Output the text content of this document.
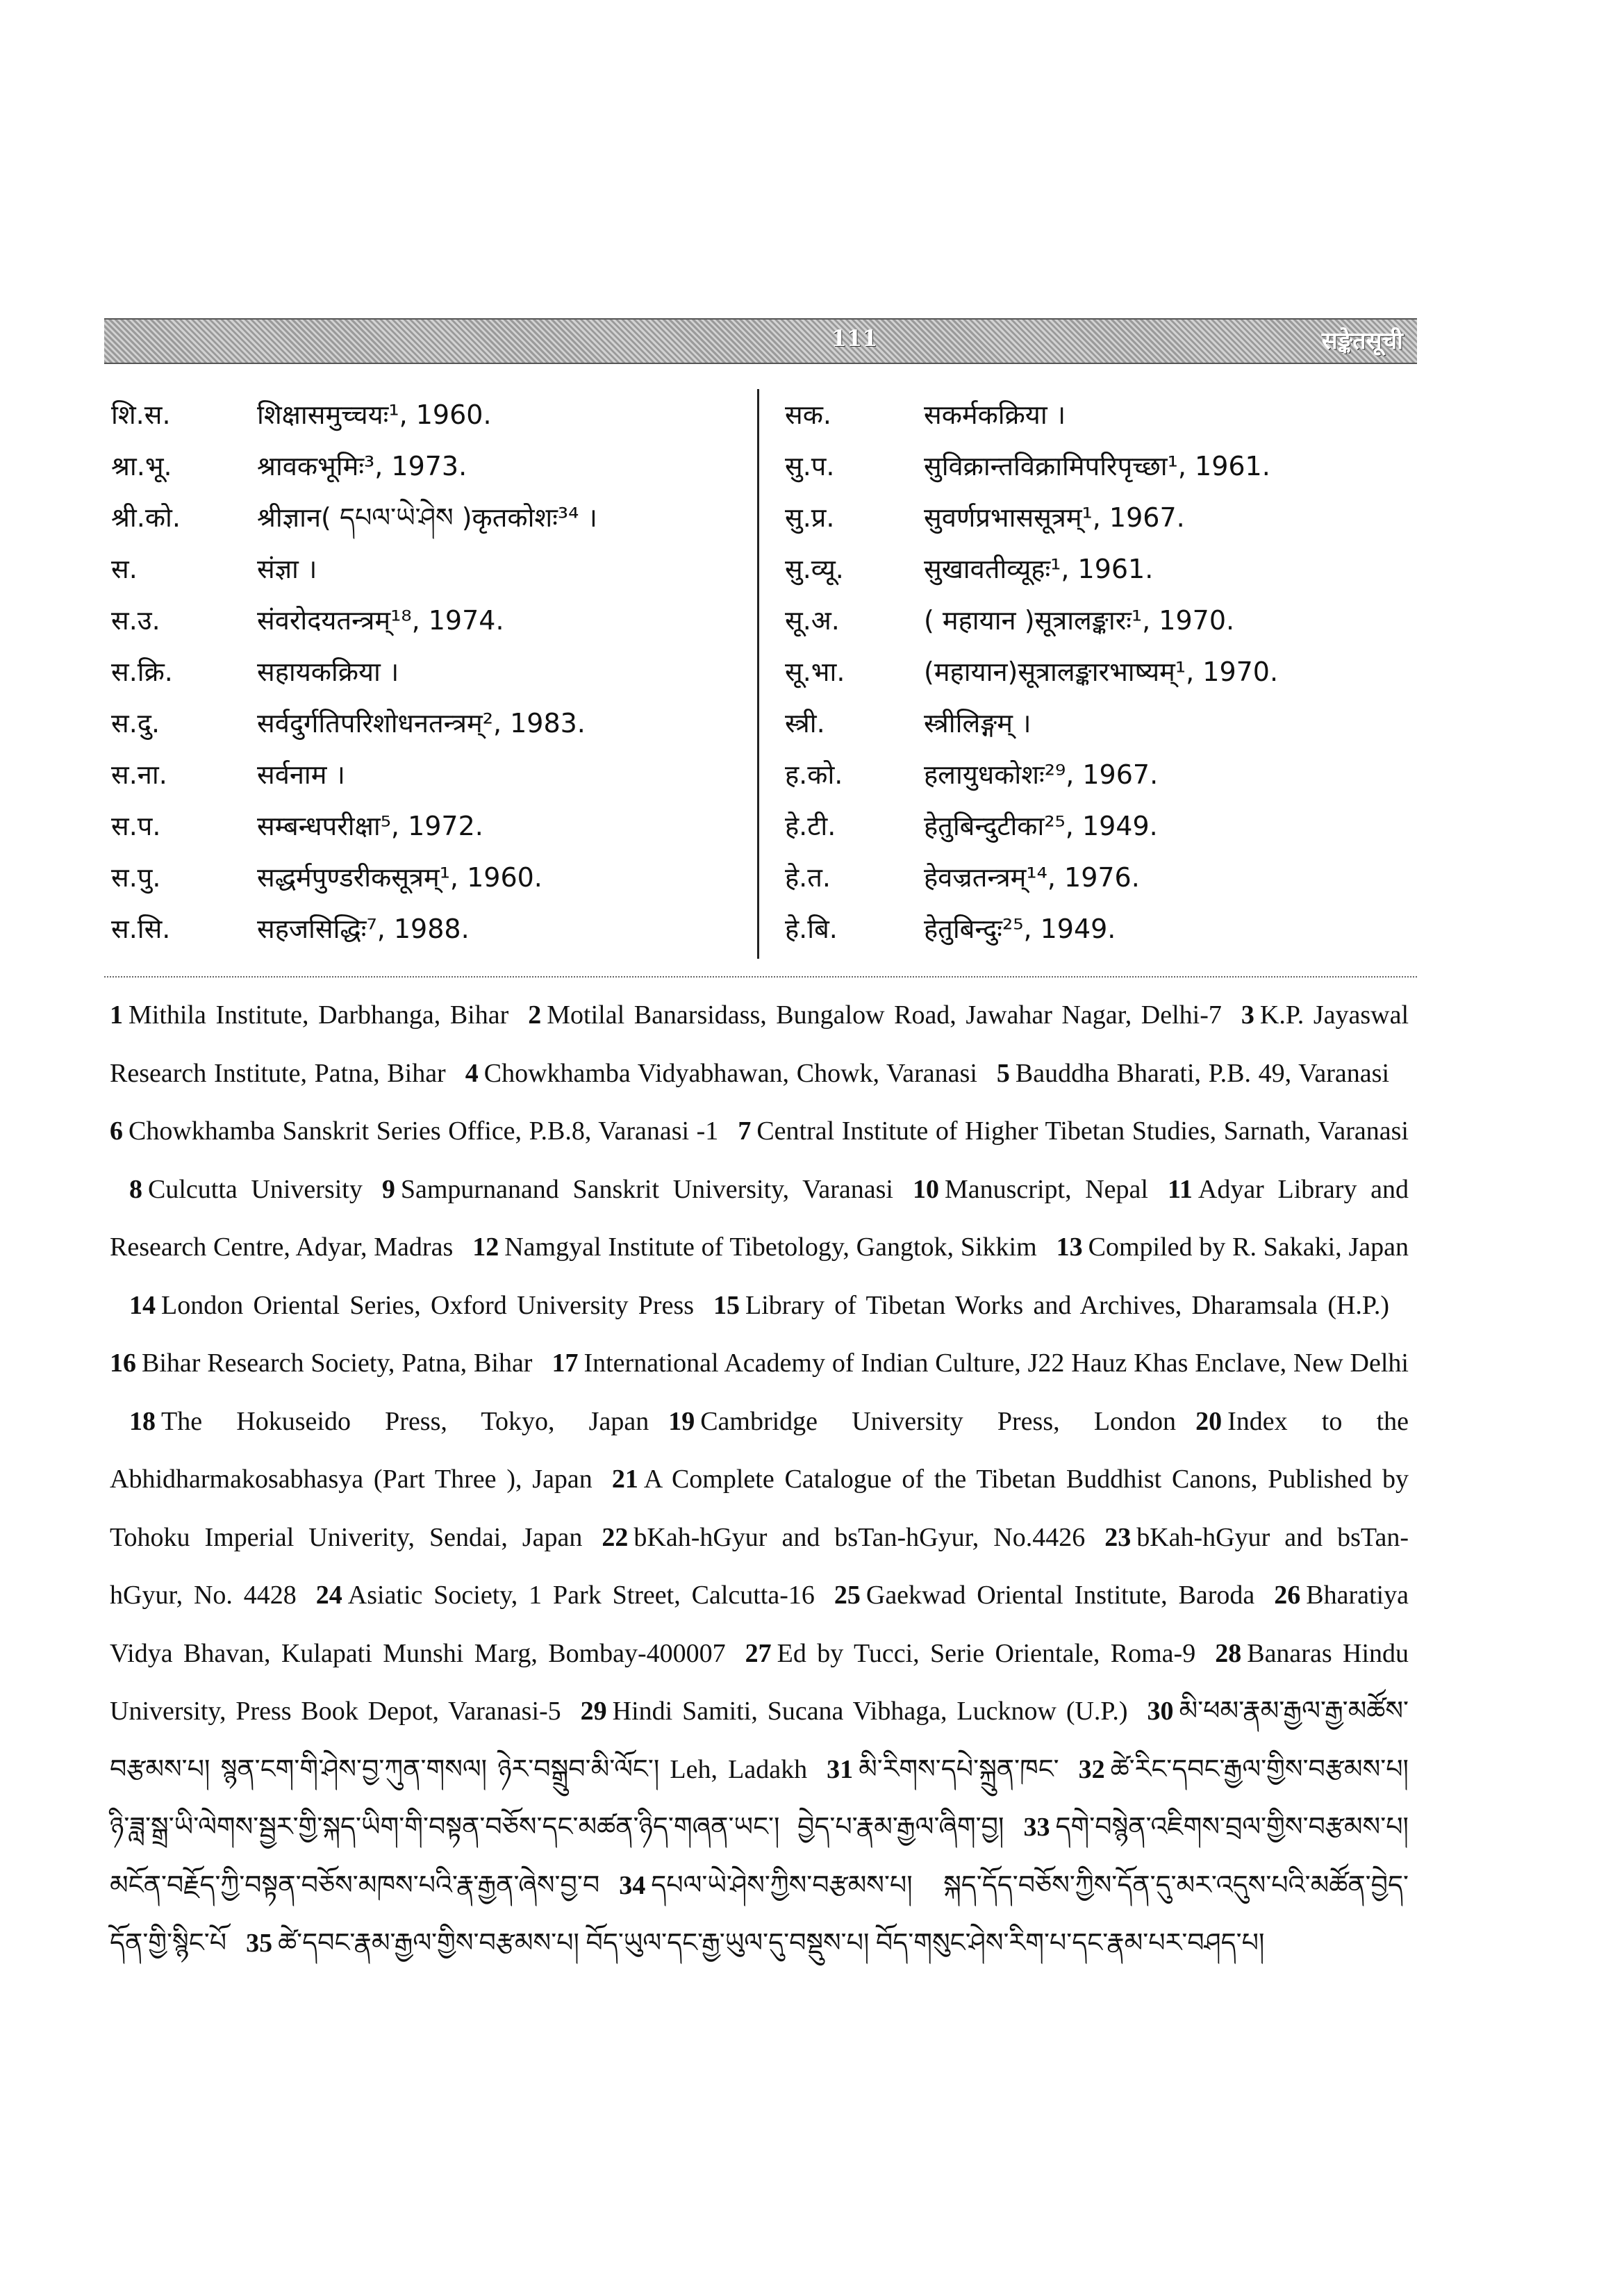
111	सङ्केतसूची
शि.स.	शिक्षासमुच्चयः¹, 1960.
श्रा.भू.	श्रावकभूमिः³, 1973.
श्री.को.	श्रीज्ञान( དཔལ་ཡེ་ཤེས )कृतकोशः³⁴ ।
स.	संज्ञा ।
स.उ.	संवरोदयतन्त्रम्¹⁸, 1974.
स.क्रि.	सहायकक्रिया ।
स.दु.	सर्वदुर्गतिपरिशोधनतन्त्रम्², 1983.
स.ना.	सर्वनाम ।
स.प.	सम्बन्धपरीक्षा⁵, 1972.
स.पु.	सद्धर्मपुण्डरीकसूत्रम्¹, 1960.
स.सि.	सहजसिद्धिः⁷, 1988.
सक.	सकर्मकक्रिया ।
सु.प.	सुविक्रान्तविक्रामिपरिपृच्छा¹, 1961.
सु.प्र.	सुवर्णप्रभाससूत्रम्¹, 1967.
सु.व्यू.	सुखावतीव्यूहः¹, 1961.
सू.अ.	( महायान )सूत्रालङ्कारः¹, 1970.
सू.भा.	(महायान)सूत्रालङ्कारभाष्यम्¹, 1970.
स्त्री.	स्त्रीलिङ्गम् ।
ह.को.	हलायुधकोशः²⁹, 1967.
हे.टी.	हेतुबिन्दुटीका²⁵, 1949.
हे.त.	हेवज्रतन्त्रम्¹⁴, 1976.
हे.बि.	हेतुबिन्दुः²⁵, 1949.
1 Mithila Institute, Darbhanga, Bihar 2 Motilal Banarsidass, Bungalow Road, Jawahar Nagar, Delhi-7 3 K.P. Jayaswal Research Institute, Patna, Bihar 4 Chowkhamba Vidyabhawan, Chowk, Varanasi 5 Bauddha Bharati, P.B. 49, Varanasi6 Chowkhamba Sanskrit Series Office, P.B.8, Varanasi -1 7 Central Institute of Higher Tibetan Studies, Sarnath, Varanasi8 Culcutta University 9 Sampurnanand Sanskrit University, Varanasi 10 Manuscript, Nepal 11 Adyar Library and Research Centre, Adyar, Madras 12 Namgyal Institute of Tibetology, Gangtok, Sikkim 13 Compiled by R. Sakaki, Japan14 London Oriental Series, Oxford University Press 15 Library of Tibetan Works and Archives, Dharamsala (H.P.)16 Bihar Research Society, Patna, Bihar 17 International Academy of Indian Culture, J22 Hauz Khas Enclave, New Delhi18 The Hokuseido Press, Tokyo, Japan 19 Cambridge University Press, London 20 Index to the Abhidharmakosabhasya (Part Three ), Japan 21 A Complete Catalogue of the Tibetan Buddhist Canons, Published by Tohoku Imperial Univerity, Sendai, Japan 22 bKah-hGyur and bsTan-hGyur, No.4426 23 bKah-hGyur and bsTan-hGyur, No. 4428 24 Asiatic Society, 1 Park Street, Calcutta-16 25 Gaekwad Oriental Institute, Baroda 26 Bharatiya Vidya Bhavan, Kulapati Munshi Marg, Bombay-400007 27 Ed by Tucci, Serie Orientale, Roma-9 28 Banaras Hindu University, Press Book Depot, Varanasi-5 29 Hindi Samiti, Sucana Vibhaga, Lucknow (U.P.) 30 མི་ཕམ་རྣམ་རྒྱལ་རྒྱ་མཚོས་བརྩམས་པ། སྙན་ངག་གི་ཤེས་བྱ་ཀུན་གསལ། ཉེར་བསྒྲུབ་མི་ལོང་། Leh, Ladakh 31 མི་རིགས་དཔེ་སྐྲུན་ཁང་ 32 ཚེ་རིང་དབང་རྒྱལ་གྱིས་བརྩམས་པ། ཉི་ཟླ་སྒྲ་ཡི་ལེགས་སྦྱར་གྱི་སྐད་ཡིག་གི་བསྟན་བཅོས་དང་མཚན་ཉིད་གཞན་ཡང་། བྱེད་པ་རྣམ་རྒྱལ་ཞིག་བྱ། 33 དགེ་བསྙེན་འཇིགས་བྲལ་གྱིས་བརྩམས་པ། མངོན་བརྗོད་ཀྱི་བསྟན་བཅོས་མཁས་པའི་རྣ་རྒྱན་ཞེས་བྱ་བ 34 དཔལ་ཡེ་ཤེས་ཀྱིས་བརྩམས་པ། སྐད་དོད་བཅོས་ཀྱིས་དོན་དུ་མར་འདུས་པའི་མཚོན་བྱེད་དོན་གྱི་སྙིང་པོ 35 ཚེ་དབང་རྣམ་རྒྱལ་གྱིས་བརྩམས་པ། བོད་ཡུལ་དང་རྒྱ་ཡུལ་དུ་བསྡུས་པ། བོད་གསུང་ཤེས་རིག་པ་དང་རྣམ་པར་བཤད་པ།
